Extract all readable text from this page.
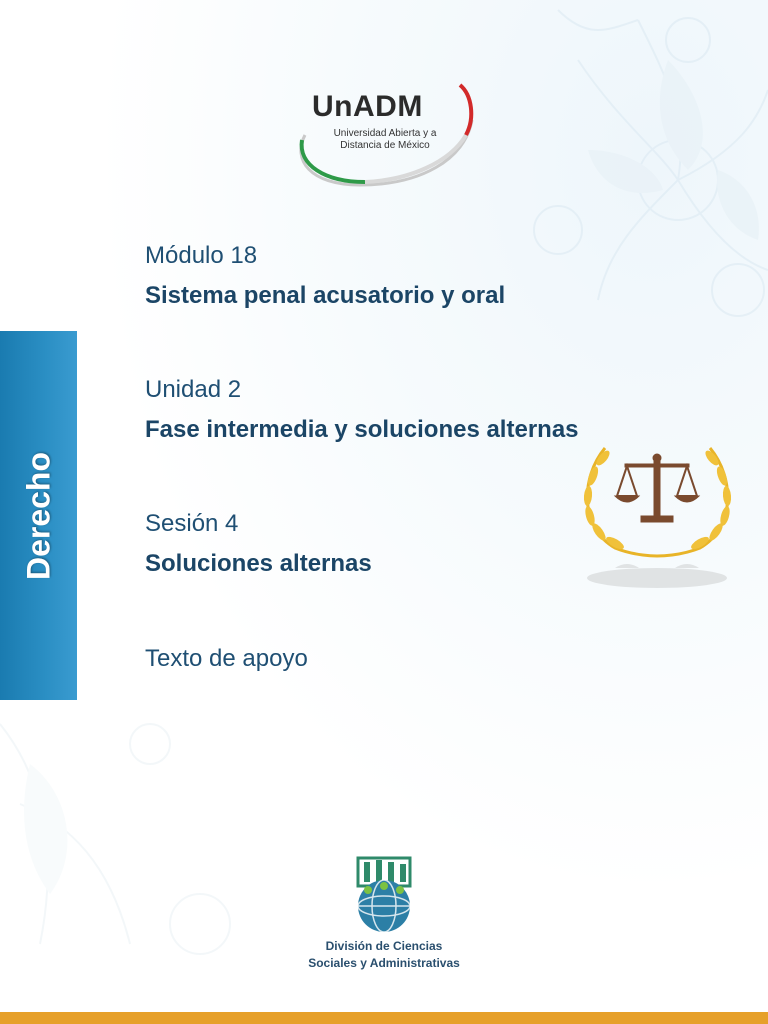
UnADM
Universidad Abierta y a
Distancia de México
Derecho
Módulo 18
Sistema penal acusatorio y oral
Unidad 2
Fase intermedia y soluciones alternas
Sesión 4
Soluciones alternas
Texto de apoyo
División de Ciencias
Sociales y Administrativas
